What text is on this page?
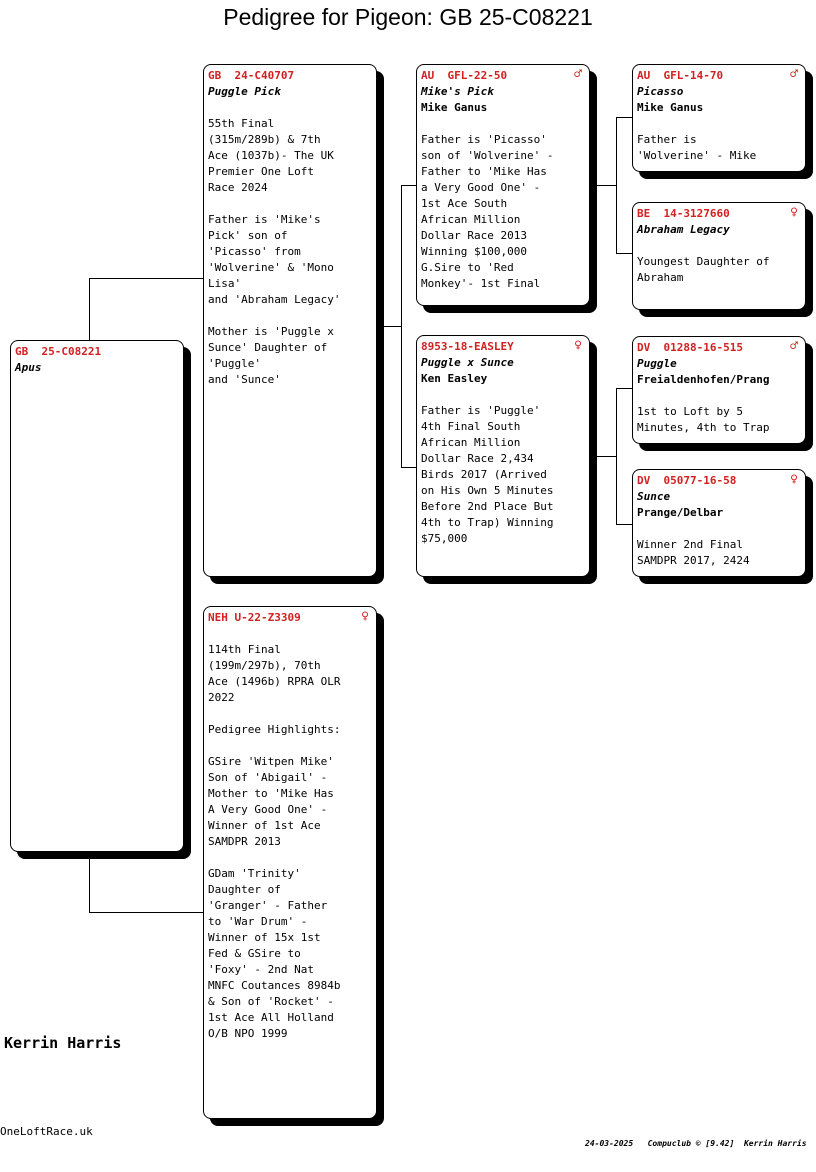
Pedigree for Pigeon: GB 25-C08221
GB  25-C08221
Apus
GB  24-C40707
Puggle Pick
55th Final
(315m/289b) & 7th
Ace (1037b)- The UK
Premier One Loft
Race 2024

Father is 'Mike's
Pick' son of
'Picasso' from
'Wolverine' & 'Mono
Lisa'
and 'Abraham Legacy'

Mother is 'Puggle x
Sunce' Daughter of
'Puggle'
and 'Sunce'
NEH U-22-Z3309	♀
114th Final
(199m/297b), 70th
Ace (1496b) RPRA OLR
2022

Pedigree Highlights:

GSire 'Witpen Mike'
Son of 'Abigail' -
Mother to 'Mike Has
A Very Good One' -
Winner of 1st Ace
SAMDPR 2013

GDam 'Trinity'
Daughter of
'Granger' - Father
to 'War Drum' -
Winner of 15x 1st
Fed & GSire to
'Foxy' - 2nd Nat
MNFC Coutances 8984b
& Son of 'Rocket' -
1st Ace All Holland
O/B NPO 1999
AU  GFL-22-50	♂
Mike's Pick
Mike Ganus
Father is 'Picasso'
son of 'Wolverine' -
Father to 'Mike Has
a Very Good One' -
1st Ace South
African Million
Dollar Race 2013
Winning $100,000
G.Sire to 'Red
Monkey'- 1st Final
8953-18-EASLEY	♀
Puggle x Sunce
Ken Easley
Father is 'Puggle'
4th Final South
African Million
Dollar Race 2,434
Birds 2017 (Arrived
on His Own 5 Minutes
Before 2nd Place But
4th to Trap) Winning
$75,000
AU  GFL-14-70	♂
Picasso
Mike Ganus
Father is
'Wolverine' - Mike
BE  14-3127660	♀
Abraham Legacy
Youngest Daughter of
Abraham
DV  01288-16-515	♂
Puggle
Freialdenhofen/Prang
1st to Loft by 5
Minutes, 4th to Trap
DV  05077-16-58	♀
Sunce
Prange/Delbar
Winner 2nd Final
SAMDPR 2017, 2424
Kerrin Harris
OneLoftRace.uk
24-03-2025   Compuclub © [9.42]  Kerrin Harris
